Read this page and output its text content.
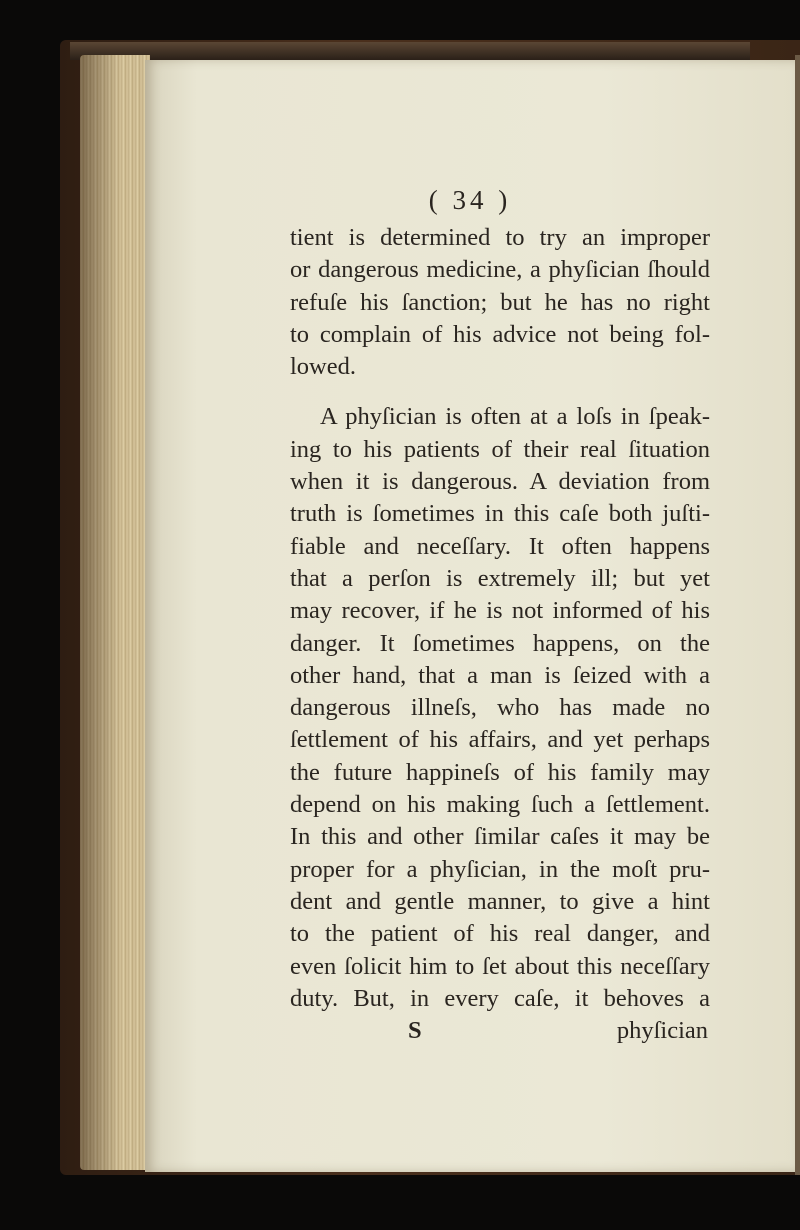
( 34 )
tient is determined to try an improper
or dangerous medicine, a phyſician ſhould
refuſe his ſanction; but he has no right
to complain of his advice not being fol-
lowed.
A phyſician is often at a loſs in ſpeak-
ing to his patients of their real ſituation
when it is dangerous. A deviation from
truth is ſometimes in this caſe both juſti-
fiable and neceſſary. It often happens
that a perſon is extremely ill; but yet
may recover, if he is not informed of his
danger. It ſometimes happens, on the
other hand, that a man is ſeized with a
dangerous illneſs, who has made no
ſettlement of his affairs, and yet perhaps
the future happineſs of his family may
depend on his making ſuch a ſettlement.
In this and other ſimilar caſes it may be
proper for a phyſician, in the moſt pru-
dent and gentle manner, to give a hint
to the patient of his real danger, and
even ſolicit him to ſet about this neceſſary
duty. But, in every caſe, it behoves a
S	phyſician
